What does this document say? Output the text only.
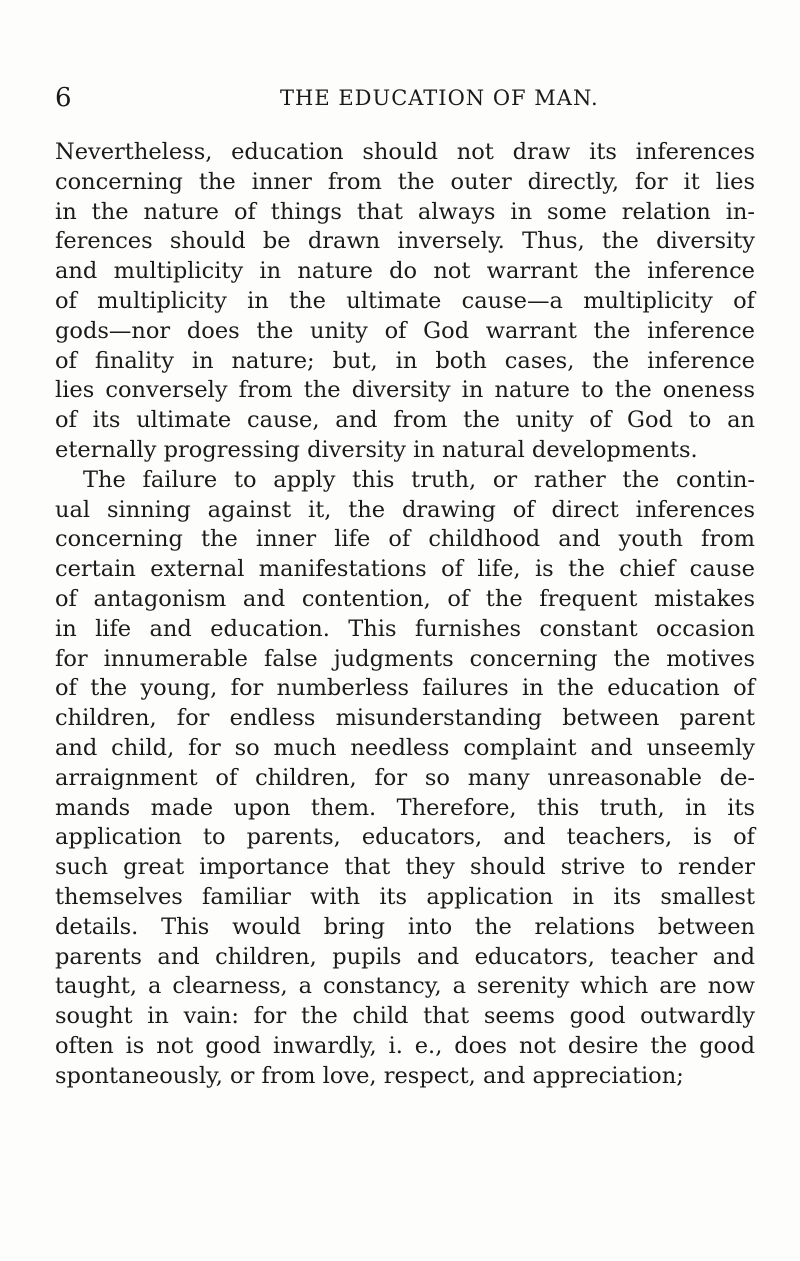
6	THE EDUCATION OF MAN.
Nevertheless, education should not draw its inferences
concerning the inner from the outer directly, for it lies
in the nature of things that always in some relation in-
ferences should be drawn inversely. Thus, the diversity
and multiplicity in nature do not warrant the inference
of multiplicity in the ultimate cause—a multiplicity of
gods—nor does the unity of God warrant the inference
of finality in nature; but, in both cases, the inference
lies conversely from the diversity in nature to the oneness
of its ultimate cause, and from the unity of God to an
eternally progressing diversity in natural developments.
The failure to apply this truth, or rather the contin-
ual sinning against it, the drawing of direct inferences
concerning the inner life of childhood and youth from
certain external manifestations of life, is the chief cause
of antagonism and contention, of the frequent mistakes
in life and education. This furnishes constant occasion
for innumerable false judgments concerning the motives
of the young, for numberless failures in the education of
children, for endless misunderstanding between parent
and child, for so much needless complaint and unseemly
arraignment of children, for so many unreasonable de-
mands made upon them. Therefore, this truth, in its
application to parents, educators, and teachers, is of
such great importance that they should strive to render
themselves familiar with its application in its smallest
details. This would bring into the relations between
parents and children, pupils and educators, teacher and
taught, a clearness, a constancy, a serenity which are now
sought in vain: for the child that seems good outwardly
often is not good inwardly, i. e., does not desire the good
spontaneously, or from love, respect, and appreciation;
